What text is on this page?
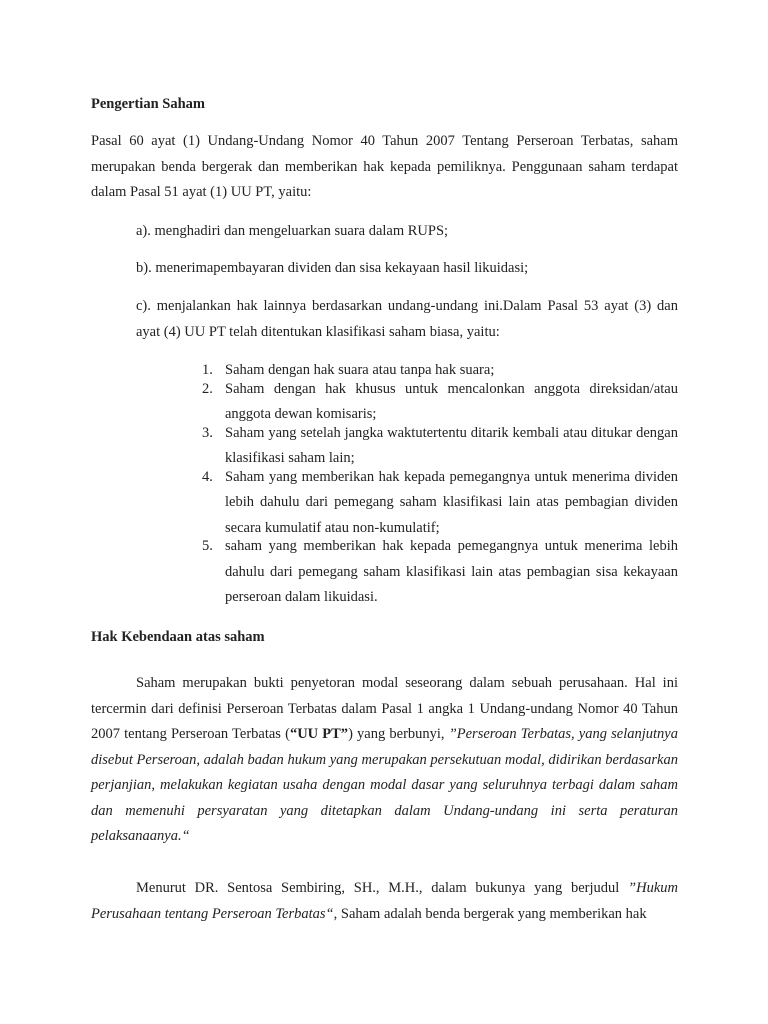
Pengertian Saham
Pasal 60 ayat (1) Undang-Undang Nomor 40 Tahun 2007 Tentang Perseroan Terbatas, saham merupakan benda bergerak dan memberikan hak kepada pemiliknya. Penggunaan saham terdapat dalam Pasal 51 ayat (1) UU PT, yaitu:
a). menghadiri dan mengeluarkan suara dalam RUPS;
b). menerimapembayaran dividen dan sisa kekayaan hasil likuidasi;
c). menjalankan hak lainnya berdasarkan undang-undang ini.Dalam Pasal 53 ayat (3) dan ayat (4) UU PT telah ditentukan klasifikasi saham biasa, yaitu:
1. Saham dengan hak suara atau tanpa hak suara;
2. Saham dengan hak khusus untuk mencalonkan anggota direksidan/atau anggota dewan komisaris;
3. Saham yang setelah jangka waktutertentu ditarik kembali atau ditukar dengan klasifikasi saham lain;
4. Saham yang memberikan hak kepada pemegangnya untuk menerima dividen lebih dahulu dari pemegang saham klasifikasi lain atas pembagian dividen secara kumulatif atau non-kumulatif;
5. saham yang memberikan hak kepada pemegangnya untuk menerima lebih dahulu dari pemegang saham klasifikasi lain atas pembagian sisa kekayaan perseroan dalam likuidasi.
Hak Kebendaan atas saham
Saham merupakan bukti penyetoran modal seseorang dalam sebuah perusahaan. Hal ini tercermin dari definisi Perseroan Terbatas dalam Pasal 1 angka 1 Undang-undang Nomor 40 Tahun 2007 tentang Perseroan Terbatas (“UU PT”) yang berbunyi, ”Perseroan Terbatas, yang selanjutnya disebut Perseroan, adalah badan hukum yang merupakan persekutuan modal, didirikan berdasarkan perjanjian, melakukan kegiatan usaha dengan modal dasar yang seluruhnya terbagi dalam saham dan memenuhi persyaratan yang ditetapkan dalam Undang-undang ini serta peraturan pelaksanaanya.“
Menurut DR. Sentosa Sembiring, SH., M.H., dalam bukunya yang berjudul ”Hukum Perusahaan tentang Perseroan Terbatas“, Saham adalah benda bergerak yang memberikan hak
